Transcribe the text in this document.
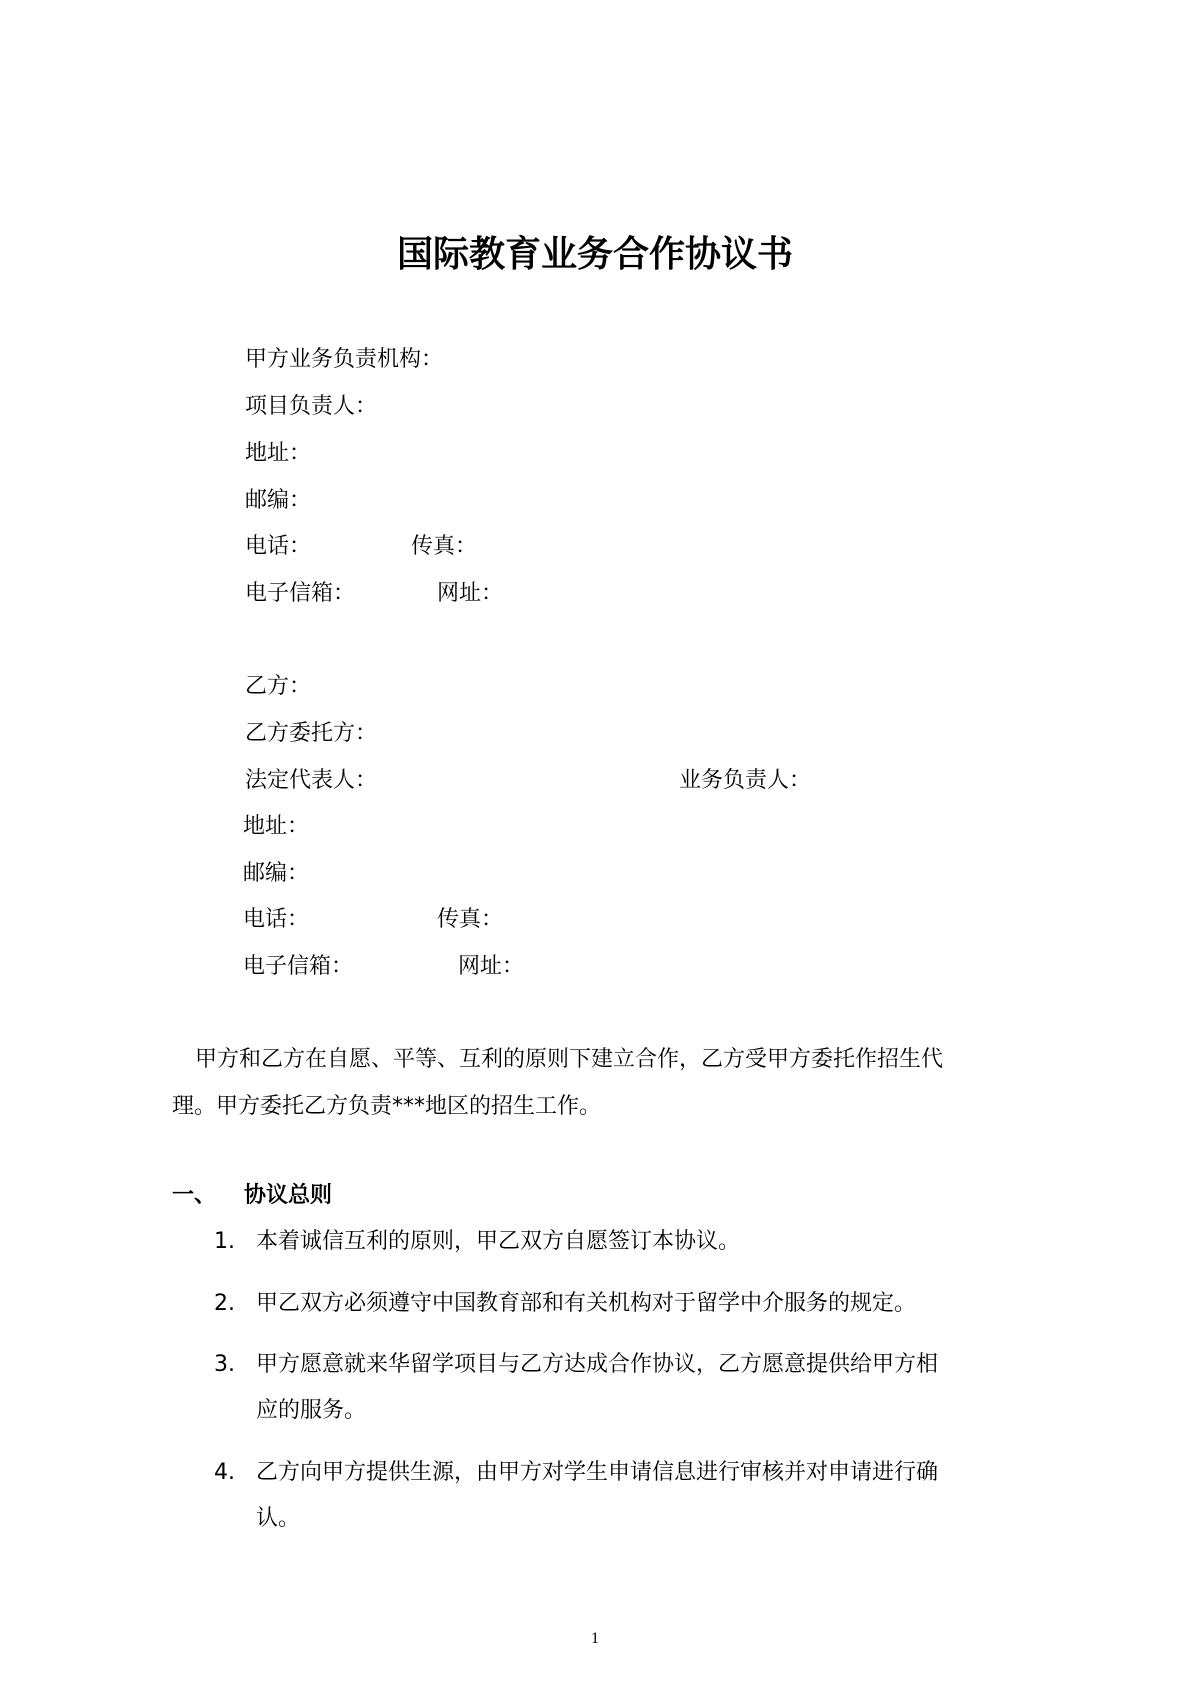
国际教育业务合作协议书
甲方业务负责机构：
项目负责人：
地址：
邮编：
电话：	传真：
电子信箱：	网址：
乙方：
乙方委托方：
法定代表人：	业务负责人：
地址：
邮编：
电话：	传真：
电子信箱：	网址：
甲方和乙方在自愿、平等、互利的原则下建立合作，乙方受甲方委托作招生代
理。甲方委托乙方负责***地区的招生工作。
一、 协议总则
1. 本着诚信互利的原则，甲乙双方自愿签订本协议。
2. 甲乙双方必须遵守中国教育部和有关机构对于留学中介服务的规定。
3. 甲方愿意就来华留学项目与乙方达成合作协议，乙方愿意提供给甲方相
应的服务。
4. 乙方向甲方提供生源，由甲方对学生申请信息进行审核并对申请进行确
认。
1
